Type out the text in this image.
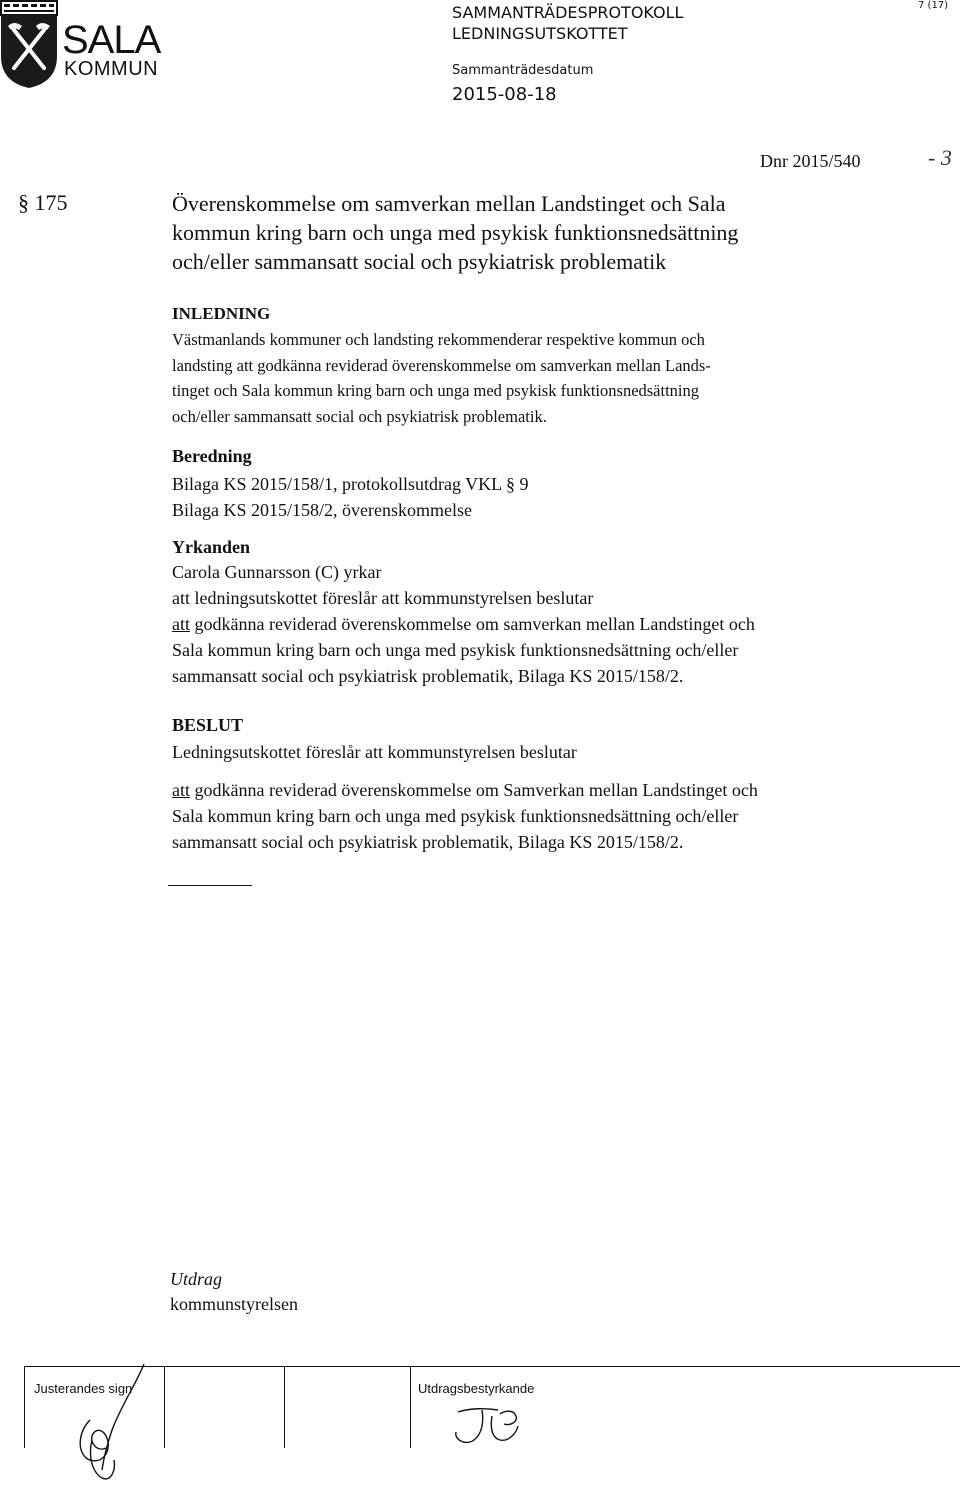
SALA
KOMMUN
SAMMANTRÄDESPROTOKOLL
LEDNINGSUTSKOTTET
Sammanträdesdatum
2015-08-18
7 (17)
Dnr 2015/540	- 3
§ 175	Överenskommelse om samverkan mellan Landstinget och Sala
kommun kring barn och unga med psykisk funktionsnedsättning
och/eller sammansatt social och psykiatrisk problematik
INLEDNING
Västmanlands kommuner och landsting rekommenderar respektive kommun och
landsting att godkänna reviderad överenskommelse om samverkan mellan Lands-
tinget och Sala kommun kring barn och unga med psykisk funktionsnedsättning
och/eller sammansatt social och psykiatrisk problematik.
Beredning
Bilaga KS 2015/158/1, protokollsutdrag VKL § 9
Bilaga KS 2015/158/2, överenskommelse
Yrkanden
Carola Gunnarsson (C) yrkar
att ledningsutskottet föreslår att kommunstyrelsen beslutar
att godkänna reviderad överenskommelse om samverkan mellan Landstinget och
Sala kommun kring barn och unga med psykisk funktionsnedsättning och/eller
sammansatt social och psykiatrisk problematik, Bilaga KS 2015/158/2.
BESLUT
Ledningsutskottet föreslår att kommunstyrelsen beslutar
att godkänna reviderad överenskommelse om Samverkan mellan Landstinget och
Sala kommun kring barn och unga med psykisk funktionsnedsättning och/eller
sammansatt social och psykiatrisk problematik, Bilaga KS 2015/158/2.
Utdrag
kommunstyrelsen
Justerandes sign	Utdragsbestyrkande
